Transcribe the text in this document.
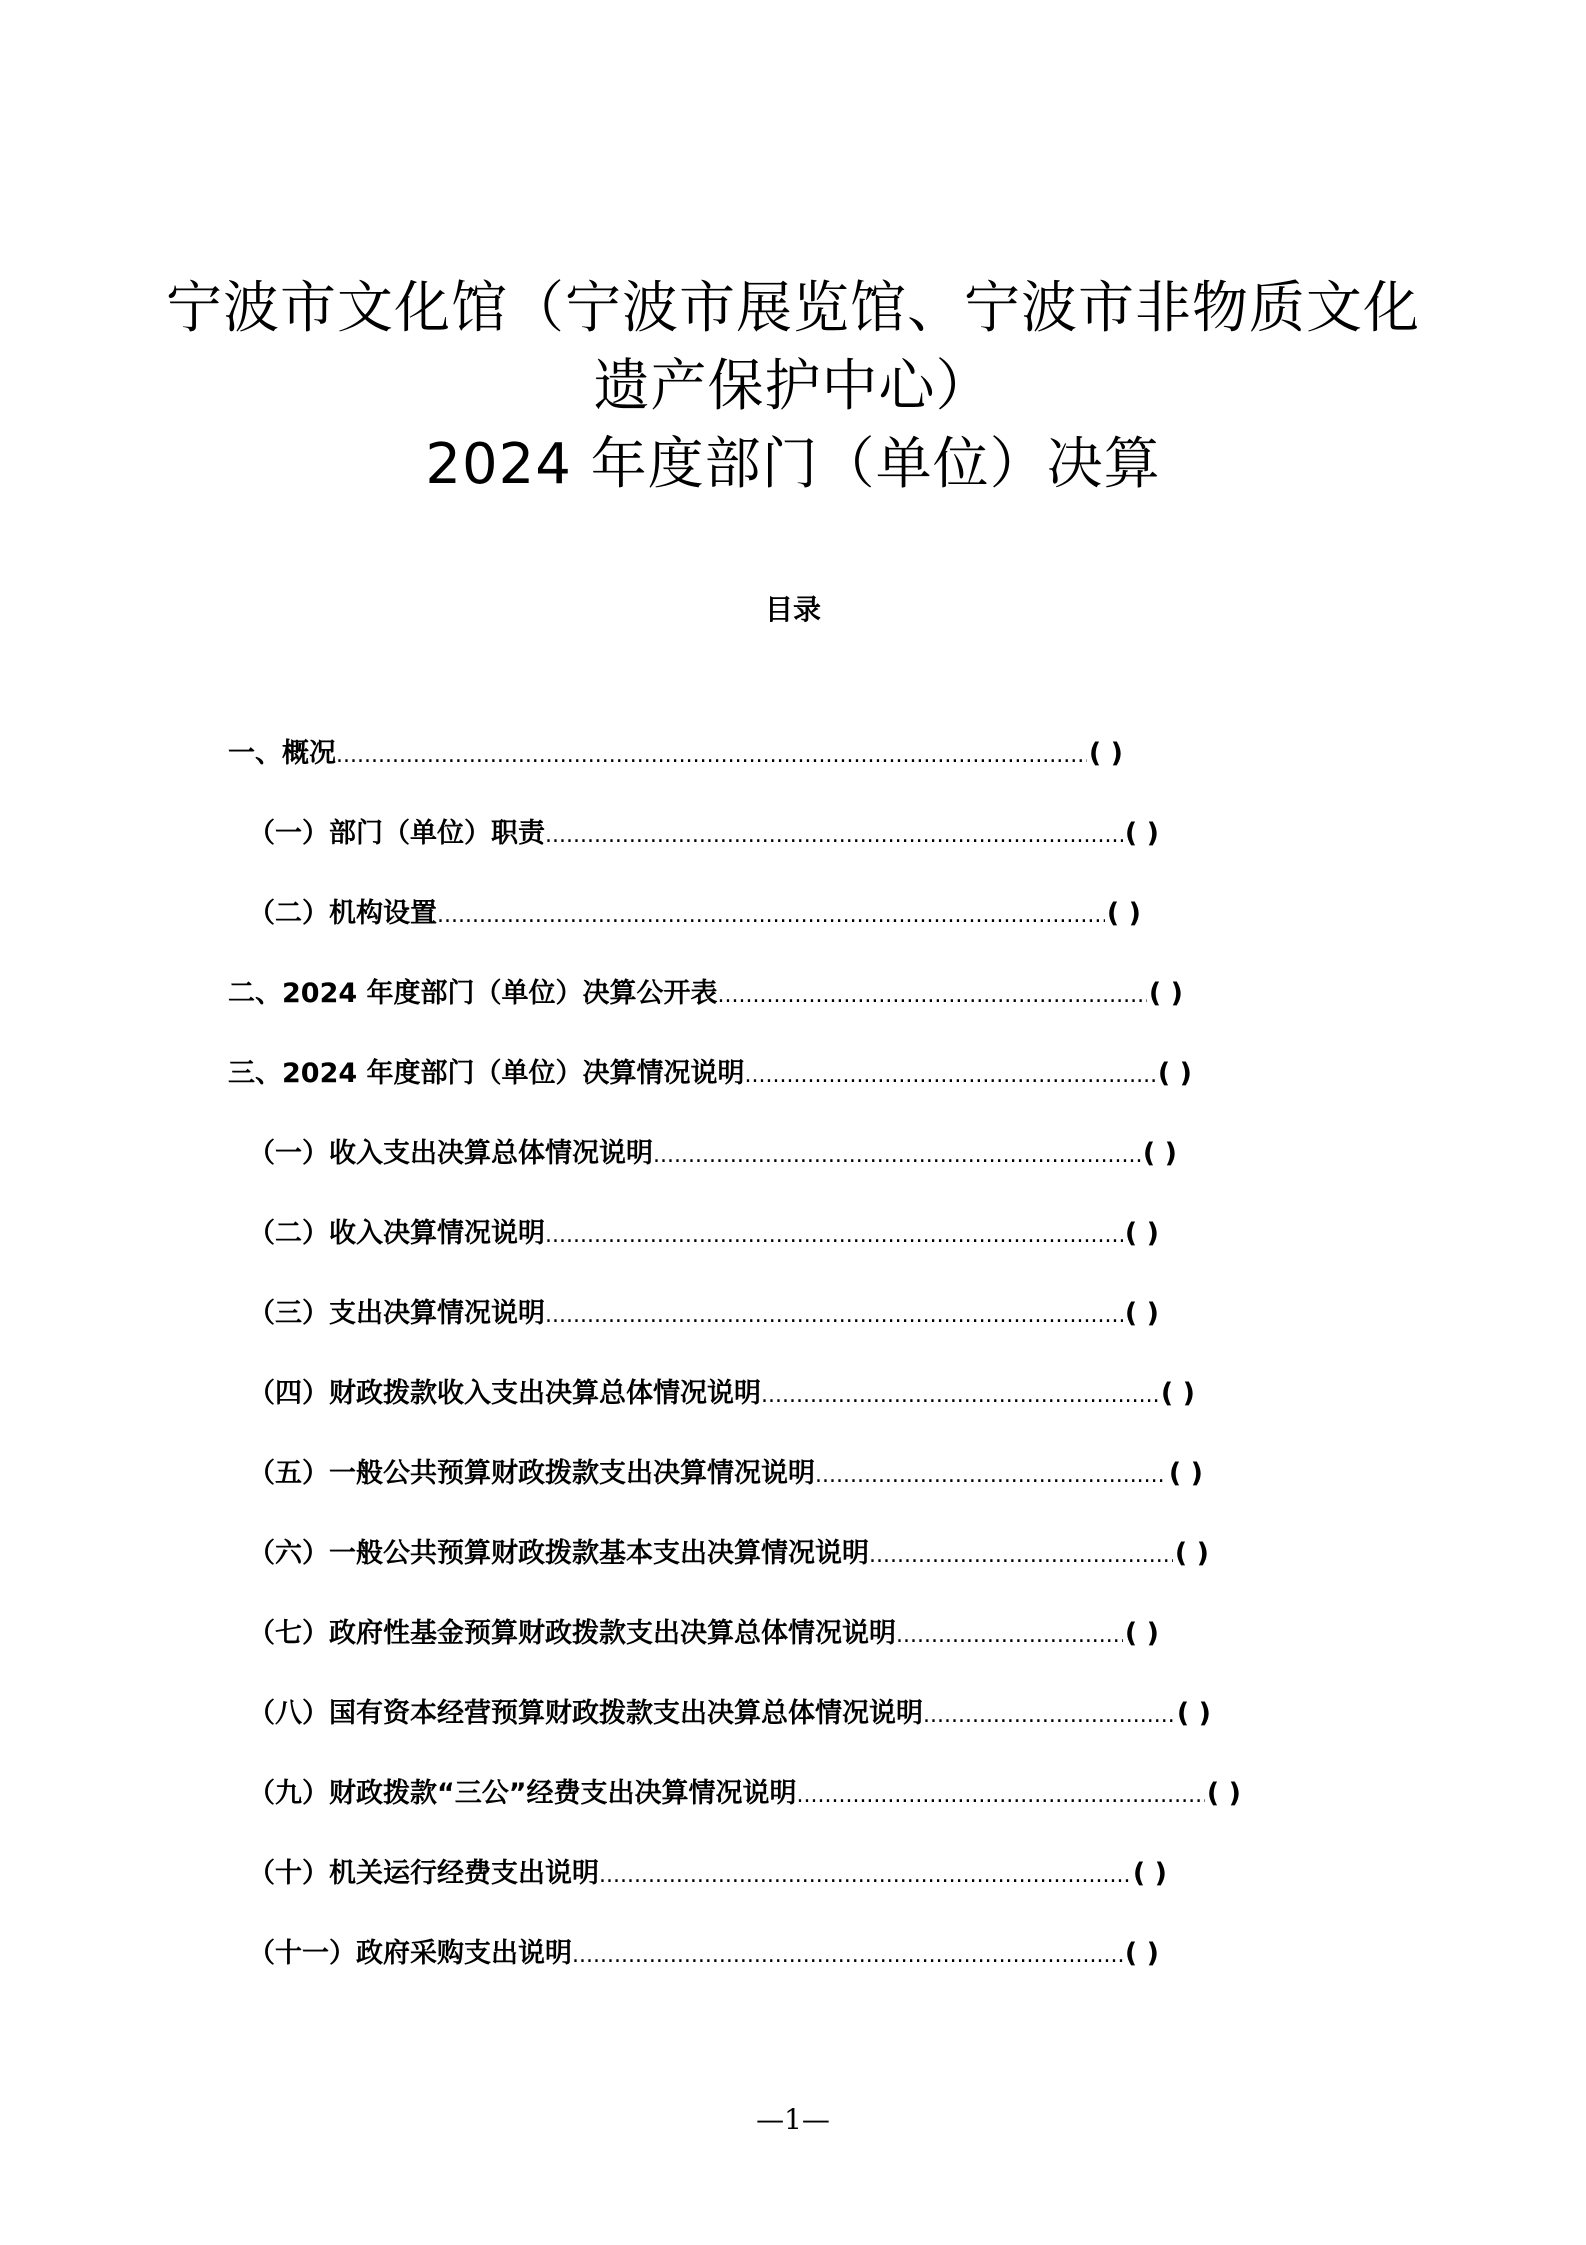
宁波市文化馆（宁波市展览馆、宁波市非物质文化
遗产保护中心）
2024 年度部门（单位）决算
目录
一、概况 .....	( )
（一）部门（单位）职责 .....	( )
（二）机构设置 .....	( )
二、2024 年度部门（单位）决算公开表 .....	( )
三、2024 年度部门（单位）决算情况说明 .....	( )
（一）收入支出决算总体情况说明 .....	( )
（二）收入决算情况说明 .....	( )
（三）支出决算情况说明 .....	( )
（四）财政拨款收入支出决算总体情况说明 .....	( )
（五）一般公共预算财政拨款支出决算情况说明 .....	( )
（六）一般公共预算财政拨款基本支出决算情况说明 .....	( )
（七）政府性基金预算财政拨款支出决算总体情况说明 .....	( )
（八）国有资本经营预算财政拨款支出决算总体情况说明 .....	( )
（九）财政拨款“三公”经费支出决算情况说明 .....	( )
（十）机关运行经费支出说明 .....	( )
（十一）政府采购支出说明 .....	( )
—1—
